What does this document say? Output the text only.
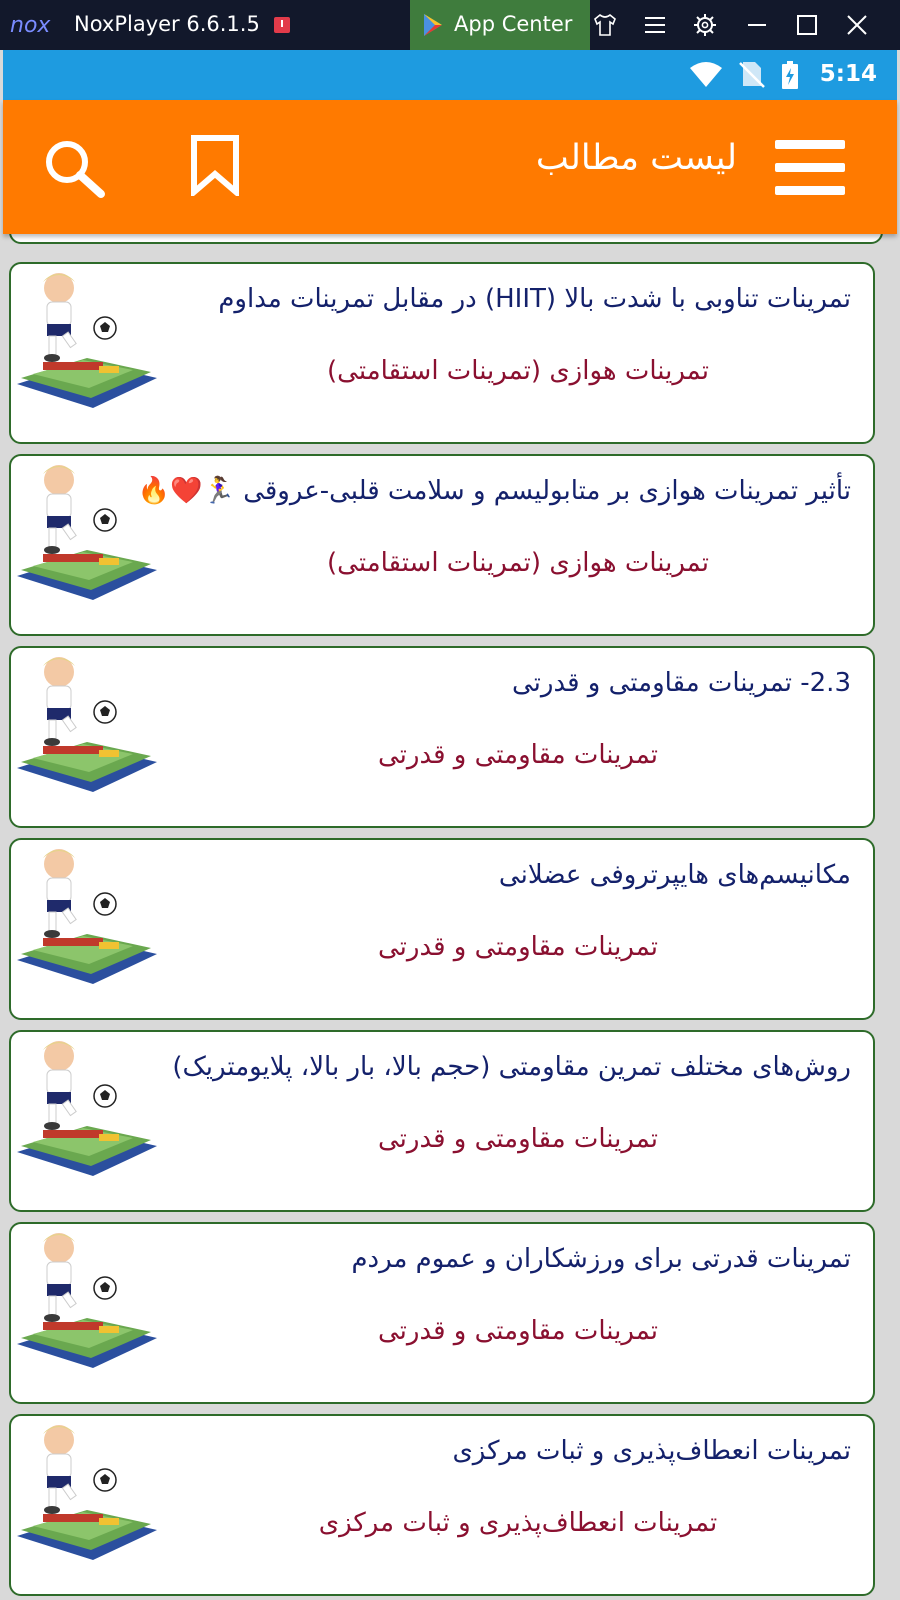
nox NoxPlayer 6.6.1.5	App Center
5:14
لیست مطالب
تمرینات تناوبی با شدت بالا (HIIT) در مقابل تمرینات مداوم
تمرینات هوازی (تمرینات استقامتی)
تأثیر تمرینات هوازی بر متابولیسم و سلامت قلبی-عروقی 🏃‍♀️❤️🔥
تمرینات هوازی (تمرینات استقامتی)
2.3- تمرینات مقاومتی و قدرتی
تمرینات مقاومتی و قدرتی
مکانیسم‌های هایپرتروفی عضلانی
تمرینات مقاومتی و قدرتی
روش‌های مختلف تمرین مقاومتی (حجم بالا، بار بالا، پلایومتریک)
تمرینات مقاومتی و قدرتی
تمرینات قدرتی برای ورزشکاران و عموم مردم
تمرینات مقاومتی و قدرتی
تمرینات انعطاف‌پذیری و ثبات مرکزی
تمرینات انعطاف‌پذیری و ثبات مرکزی
